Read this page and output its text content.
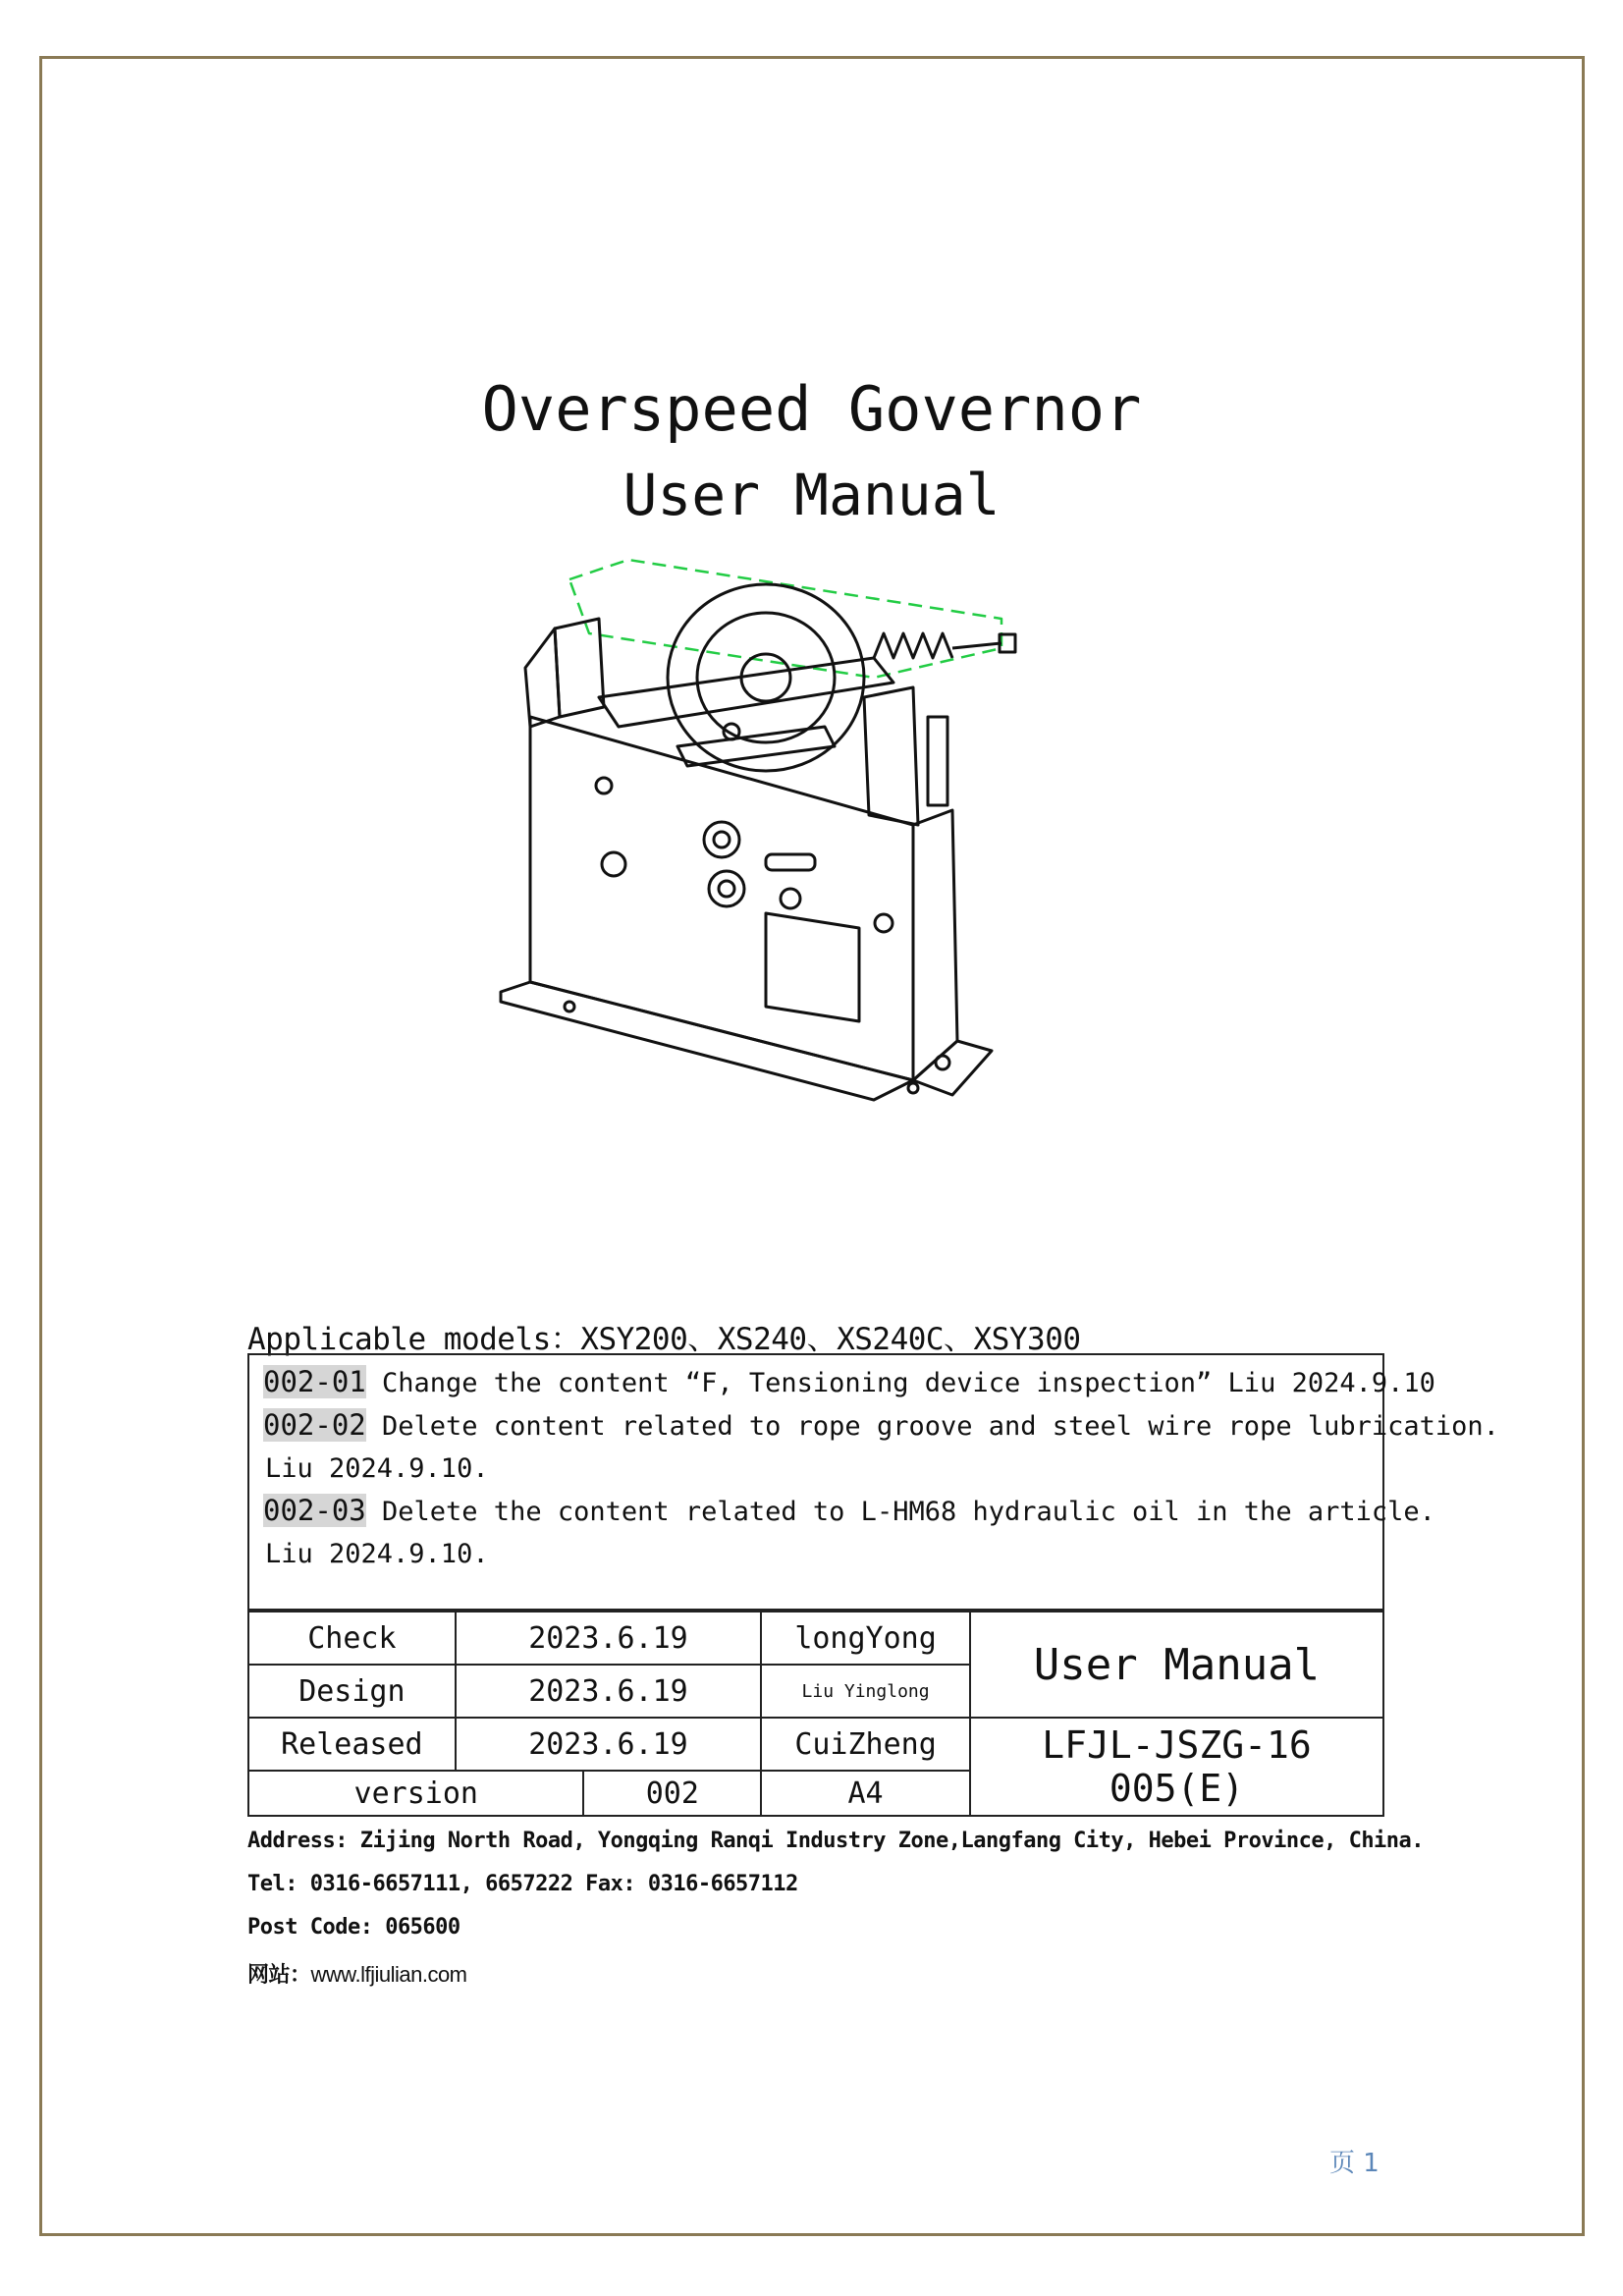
Overspeed Governor
User Manual
Applicable models：XSY200、XS240、XS240C、XSY300
002-01 Change the content “F, Tensioning device inspection” Liu 2024.9.10
002-02 Delete content related to rope groove and steel wire rope lubrication.
Liu 2024.9.10.
002-03 Delete the content related to L-HM68 hydraulic oil in the article.
Liu 2024.9.10.
Check	2023.6.19		longYong	User Manual
Design	2023.6.19		Liu Yinglong	
Released	2023.6.19		CuiZheng	LFJL-JSZG-16 005(E)
version		002	A4	
Address: Zijing North Road, Yongqing Ranqi Industry Zone,Langfang City, Hebei Province, China.
Tel: 0316-6657111, 6657222 Fax: 0316-6657112
Post Code: 065600
网站：www.lfjiulian.com
页 1
